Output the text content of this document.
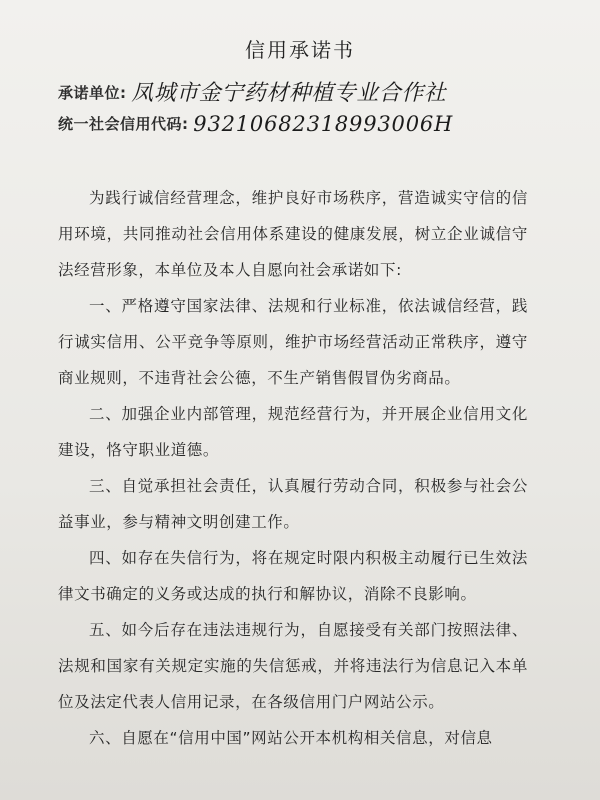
信用承诺书
承诺单位: 凤城市金宁药材种植专业合作社
统一社会信用代码: 93210682318993006H

为践行诚信经营理念，维护良好市场秩序，营造诚实守信的信用环境，共同推动社会信用体系建设的健康发展，树立企业诚信守法经营形象，本单位及本人自愿向社会承诺如下:

一、严格遵守国家法律、法规和行业标准，依法诚信经营，践行诚实信用、公平竞争等原则，维护市场经营活动正常秩序，遵守商业规则，不违背社会公德，不生产销售假冒伪劣商品。

二、加强企业内部管理，规范经营行为，并开展企业信用文化建设，恪守职业道德。

三、自觉承担社会责任，认真履行劳动合同，积极参与社会公益事业，参与精神文明创建工作。

四、如存在失信行为，将在规定时限内积极主动履行已生效法律文书确定的义务或达成的执行和解协议，消除不良影响。

五、如今后存在违法违规行为，自愿接受有关部门按照法律、法规和国家有关规定实施的失信惩戒，并将违法行为信息记入本单位及法定代表人信用记录，在各级信用门户网站公示。

六、自愿在“信用中国”网站公开本机构相关信息，对信息
